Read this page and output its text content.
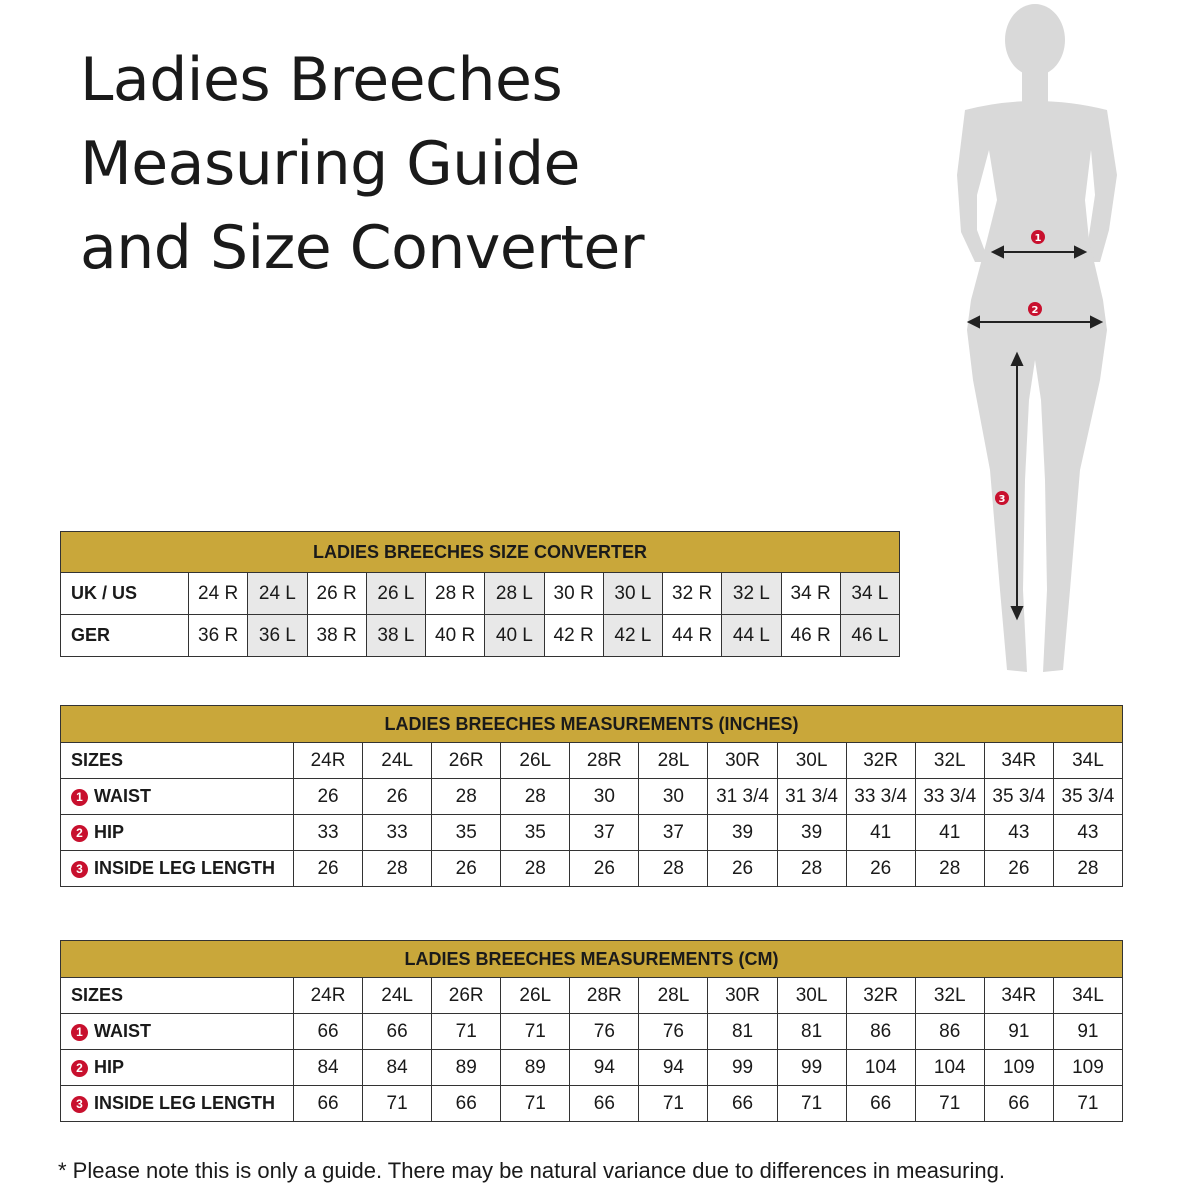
Ladies Breeches
Measuring Guide
and Size Converter	1
2
3
LADIES BREECHES SIZE CONVERTER												
UK / US	24 R	24 L	26 R	26 L	28 R	28 L	30 R	30 L	32 R	32 L	34 R	34 L
GER	36 R	36 L	38 R	38 L	40 R	40 L	42 R	42 L	44 R	44 L	46 R	46 L
LADIES BREECHES MEASUREMENTS (INCHES)												
SIZES	24R	24L	26R	26L	28R	28L	30R	30L	32R	32L	34R	34L
1 WAIST	26	26	28	28	30	30	31 3/4	31 3/4	33 3/4	33 3/4	35 3/4	35 3/4
2 HIP	33	33	35	35	37	37	39	39	41	41	43	43
3 INSIDE LEG LENGTH	26	28	26	28	26	28	26	28	26	28	26	28
LADIES BREECHES MEASUREMENTS (CM)												
SIZES	24R	24L	26R	26L	28R	28L	30R	30L	32R	32L	34R	34L
1 WAIST	66	66	71	71	76	76	81	81	86	86	91	91
2 HIP	84	84	89	89	94	94	99	99	104	104	109	109
3 INSIDE LEG LENGTH	66	71	66	71	66	71	66	71	66	71	66	71

* Please note this is only a guide. There may be natural variance due to differences in measuring.
